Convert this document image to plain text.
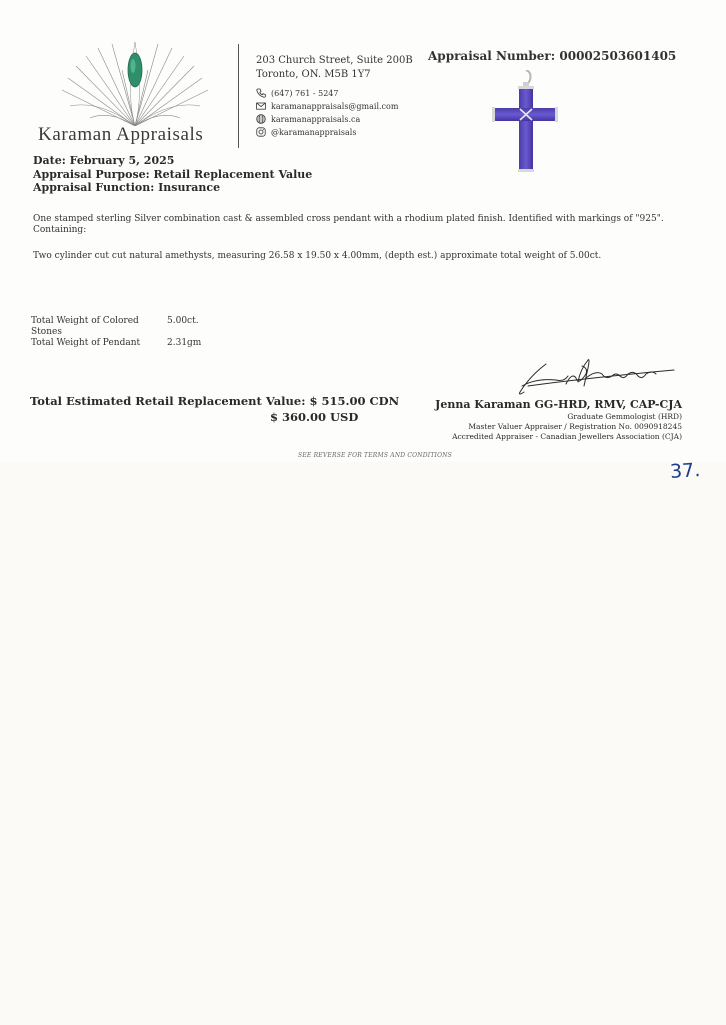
Karaman Appraisals
203 Church Street, Suite 200B
Toronto, ON. M5B 1Y7
(647) 761 - 5247
karamanappraisals@gmail.com
karamanappraisals.ca
@karamanappraisals
Appraisal Number: 00002503601405
Date: February 5, 2025
Appraisal Purpose: Retail Replacement Value
Appraisal Function: Insurance
One stamped sterling Silver combination cast & assembled cross pendant with a rhodium plated finish. Identified with markings of "925".
Containing:
Two cylinder cut cut natural amethysts, measuring 26.58 x 19.50 x 4.00mm, (depth est.) approximate total weight of 5.00ct.
Total Weight of Colored Stones
5.00ct.
Total Weight of Pendant	2.31gm
Total Estimated Retail Replacement Value: $ 515.00 CDN
$ 360.00 USD
Jenna Karaman GG-HRD, RMV, CAP-CJA
Graduate Gemmologist (HRD)
Master Valuer Appraiser / Registration No. 0090918245
Accredited Appraiser - Canadian Jewellers Association (CJA)
SEE REVERSE FOR TERMS AND CONDITIONS
37.
